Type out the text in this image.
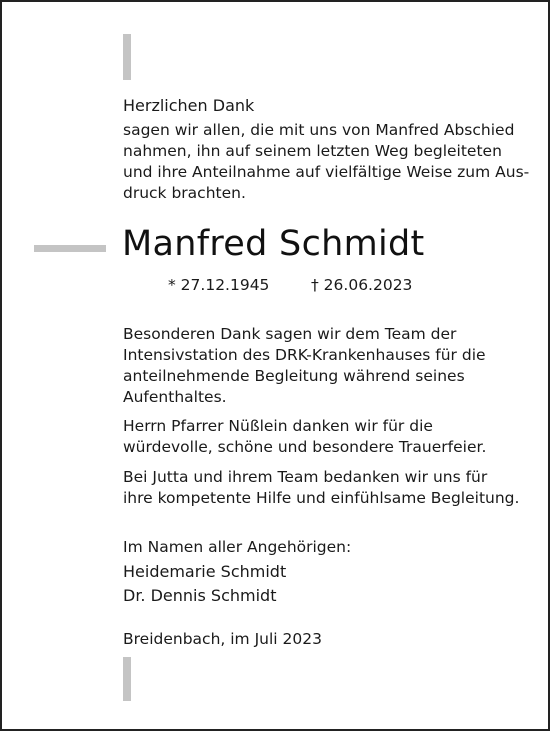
Herzlichen Dank
sagen wir allen, die mit uns von Manfred Abschied
nahmen, ihn auf seinem letzten Weg begleiteten
und ihre Anteilnahme auf vielfältige Weise zum Aus-
druck brachten.
Manfred Schmidt
* 27.12.1945	† 26.06.2023
Besonderen Dank sagen wir dem Team der
Intensivstation des DRK-Krankenhauses für die
anteilnehmende Begleitung während seines
Aufenthaltes.
Herrn Pfarrer Nüßlein danken wir für die
würdevolle, schöne und besondere Trauerfeier.
Bei Jutta und ihrem Team bedanken wir uns für
ihre kompetente Hilfe und einfühlsame Begleitung.
Im Namen aller Angehörigen:
Heidemarie Schmidt
Dr. Dennis Schmidt
Breidenbach, im Juli 2023
